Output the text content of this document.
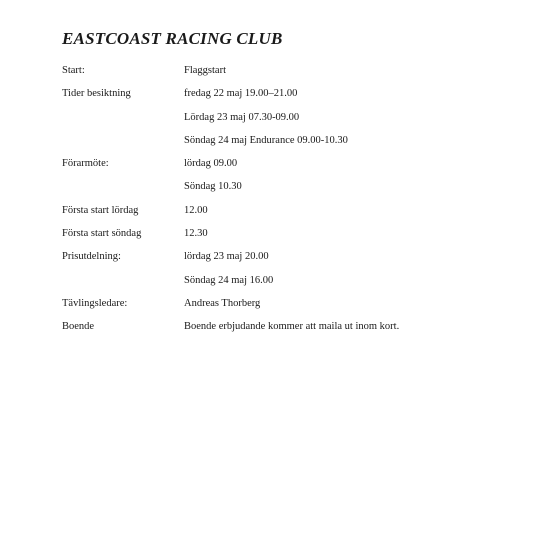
EASTCOAST RACING CLUB
Start:	Flaggstart
Tider besiktning	fredag 22 maj 19.00–21.00
Lördag 23 maj 07.30-09.00
Söndag 24 maj Endurance 09.00-10.30
Förarmöte:	lördag 09.00
Söndag 10.30
Första start lördag	12.00
Första start söndag	12.30
Prisutdelning:	lördag 23 maj 20.00
Söndag 24 maj 16.00
Tävlingsledare:	Andreas Thorberg
Boende	Boende erbjudande kommer att maila ut inom kort.
